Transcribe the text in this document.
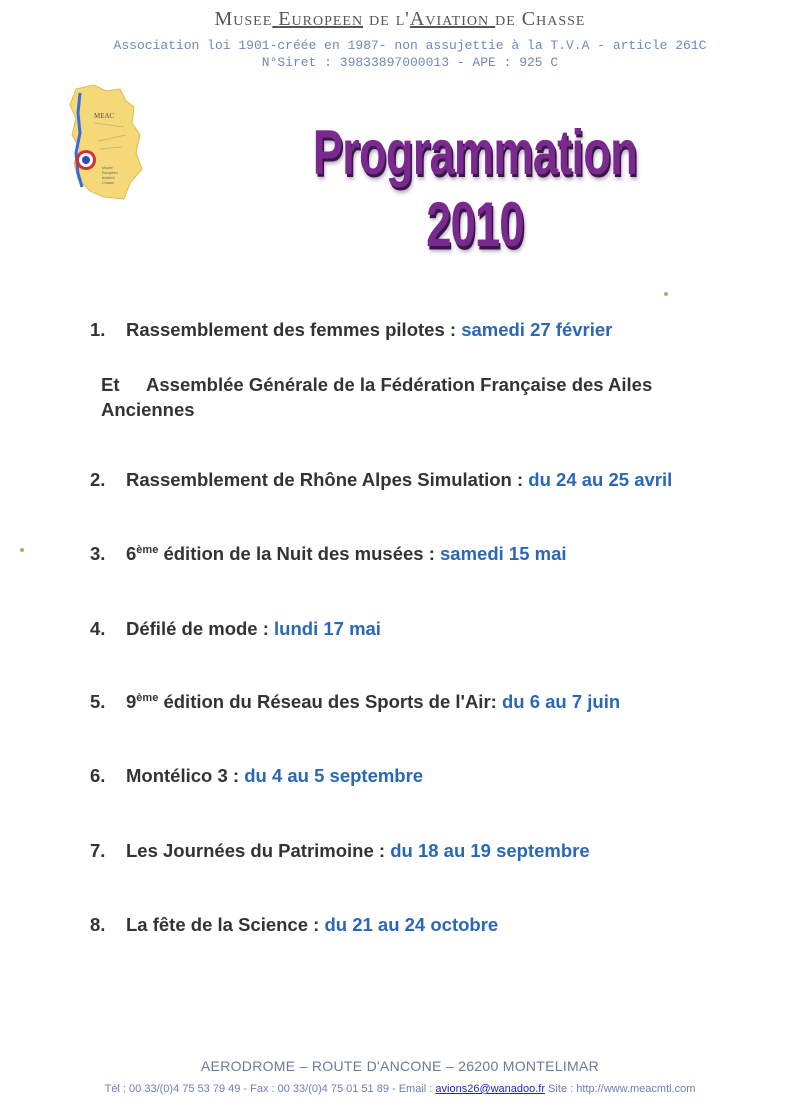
Musee Europeen de l'Aviation de Chasse
Association loi 1901-créée en 1987- non assujettie à la T.V.A - article 261C
N°Siret : 39833897000013 - APE : 925 C
MEAC
Musée
Européen
Aviation
Chasse	Programmation 2010
1. Rassemblement des femmes pilotes : samedi 27 février
Et Assemblée Générale de la Fédération Française des Ailes
Anciennes
2. Rassemblement de Rhône Alpes Simulation : du 24 au 25 avril
3. 6ème édition de la Nuit des musées : samedi 15 mai
4. Défilé de mode : lundi 17 mai
5. 9ème édition du Réseau des Sports de l'Air: du 6 au 7 juin
6. Montélico 3 : du 4 au 5 septembre
7. Les Journées du Patrimoine : du 18 au 19 septembre
8. La fête de la Science : du 21 au 24 octobre
AERODROME – ROUTE D'ANCONE – 26200 MONTELIMAR
Tél : 00 33/(0)4 75 53 79 49 - Fax : 00 33/(0)4 75 01 51 89 - Email : avions26@wanadoo.fr Site : http://www.meacmtl.com
